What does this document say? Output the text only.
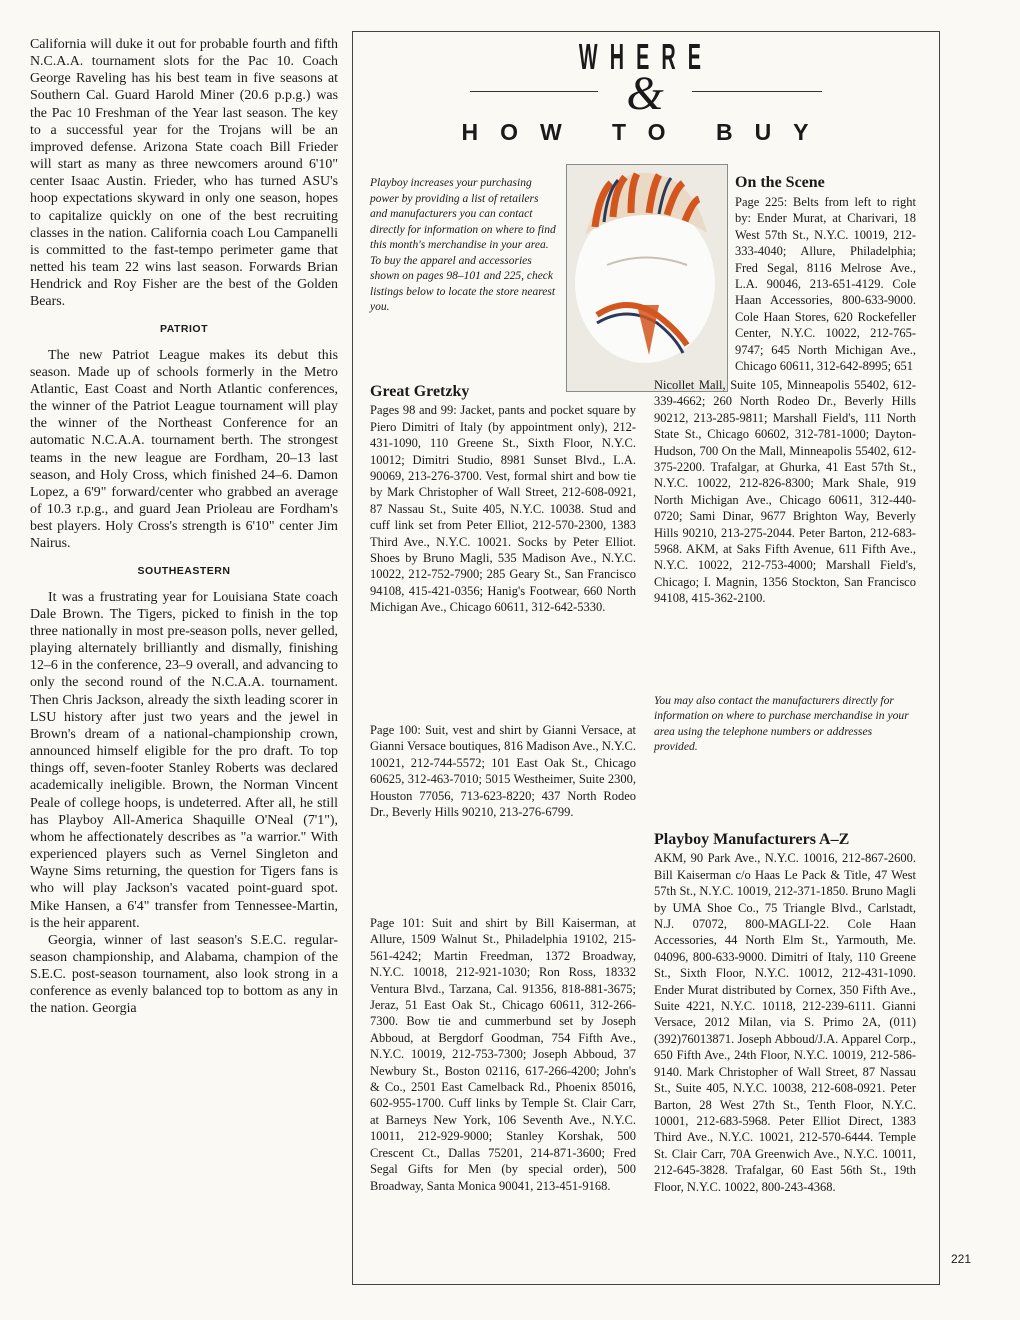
California will duke it out for probable fourth and fifth N.C.A.A. tournament slots for the Pac 10. Coach George Raveling has his best team in five seasons at Southern Cal. Guard Harold Miner (20.6 p.p.g.) was the Pac 10 Freshman of the Year last season. The key to a successful year for the Trojans will be an improved defense. Arizona State coach Bill Frieder will start as many as three newcomers around 6'10" center Isaac Austin. Frieder, who has turned ASU's hoop expectations skyward in only one season, hopes to capitalize quickly on one of the best recruiting classes in the nation. California coach Lou Campanelli is committed to the fast-tempo perimeter game that netted his team 22 wins last season. Forwards Brian Hendrick and Roy Fisher are the best of the Golden Bears.

PATRIOT

The new Patriot League makes its debut this season. Made up of schools formerly in the Metro Atlantic, East Coast and North Atlantic conferences, the winner of the Patriot League tournament will play the winner of the Northeast Conference for an automatic N.C.A.A. tournament berth. The strongest teams in the new league are Fordham, 20–13 last season, and Holy Cross, which finished 24–6. Damon Lopez, a 6'9" forward/center who grabbed an average of 10.3 r.p.g., and guard Jean Prioleau are Fordham's best players. Holy Cross's strength is 6'10" center Jim Nairus.

SOUTHEASTERN

It was a frustrating year for Louisiana State coach Dale Brown. The Tigers, picked to finish in the top three nationally in most pre-season polls, never gelled, playing alternately brilliantly and dismally, finishing 12–6 in the conference, 23–9 overall, and advancing to only the second round of the N.C.A.A. tournament. Then Chris Jackson, already the sixth leading scorer in LSU history after just two years and the jewel in Brown's dream of a national-championship crown, announced himself eligible for the pro draft. To top things off, seven-footer Stanley Roberts was declared academically ineligible. Brown, the Norman Vincent Peale of college hoops, is undeterred. After all, he still has Playboy All-America Shaquille O'Neal (7'1"), whom he affectionately describes as "a warrior." With experienced players such as Vernel Singleton and Wayne Sims returning, the question for Tigers fans is who will play Jackson's vacated point-guard spot. Mike Hansen, a 6'4" transfer from Tennessee-Martin, is the heir apparent.

Georgia, winner of last season's S.E.C. regular-season championship, and Alabama, champion of the S.E.C. post-season tournament, also look strong in a conference as evenly balanced top to bottom as any in the nation. Georgia

WHERE
&
HOW TO BUY
Playboy increases your purchasing power by providing a list of retailers and manufacturers you can contact directly for information on where to find this month's merchandise in your area. To buy the apparel and accessories shown on pages 98–101 and 225, check listings below to locate the store nearest you.
On the Scene

Page 225: Belts from left to right by: Ender Murat, at Charivari, 18 West 57th St., N.Y.C. 10019, 212-333-4040; Allure, Philadelphia; Fred Segal, 8116 Melrose Ave., L.A. 90046, 213-651-4129. Cole Haan Accessories, 800-633-9000. Cole Haan Stores, 620 Rockefeller Center, N.Y.C. 10022, 212-765-9747; 645 North Michigan Ave., Chicago 60611, 312-642-8995; 651

Nicollet Mall, Suite 105, Minneapolis 55402, 612-339-4662; 260 North Rodeo Dr., Beverly Hills 90212, 213-285-9811; Marshall Field's, 111 North State St., Chicago 60602, 312-781-1000; Dayton-Hudson, 700 On the Mall, Minneapolis 55402, 612-375-2200. Trafalgar, at Ghurka, 41 East 57th St., N.Y.C. 10022, 212-826-8300; Mark Shale, 919 North Michigan Ave., Chicago 60611, 312-440-0720; Sami Dinar, 9677 Brighton Way, Beverly Hills 90210, 213-275-2044. Peter Barton, 212-683-5968. AKM, at Saks Fifth Avenue, 611 Fifth Ave., N.Y.C. 10022, 212-753-4000; Marshall Field's, Chicago; I. Magnin, 1356 Stockton, San Francisco 94108, 415-362-2100.
Great Gretzky

Pages 98 and 99: Jacket, pants and pocket square by Piero Dimitri of Italy (by appointment only), 212-431-1090, 110 Greene St., Sixth Floor, N.Y.C. 10012; Dimitri Studio, 8981 Sunset Blvd., L.A. 90069, 213-276-3700. Vest, formal shirt and bow tie by Mark Christopher of Wall Street, 212-608-0921, 87 Nassau St., Suite 405, N.Y.C. 10038. Stud and cuff link set from Peter Elliot, 212-570-2300, 1383 Third Ave., N.Y.C. 10021. Socks by Peter Elliot. Shoes by Bruno Magli, 535 Madison Ave., N.Y.C. 10022, 212-752-7900; 285 Geary St., San Francisco 94108, 415-421-0356; Hanig's Footwear, 660 North Michigan Ave., Chicago 60611, 312-642-5330.

You may also contact the manufacturers directly for information on where to purchase merchandise in your area using the telephone numbers or addresses provided.
Page 100: Suit, vest and shirt by Gianni Versace, at Gianni Versace boutiques, 816 Madison Ave., N.Y.C. 10021, 212-744-5572; 101 East Oak St., Chicago 60625, 312-463-7010; 5015 Westheimer, Suite 2300, Houston 77056, 713-623-8220; 437 North Rodeo Dr., Beverly Hills 90210, 213-276-6799.
Playboy Manufacturers A–Z

AKM, 90 Park Ave., N.Y.C. 10016, 212-867-2600. Bill Kaiserman c/o Haas Le Pack & Title, 47 West 57th St., N.Y.C. 10019, 212-371-1850. Bruno Magli by UMA Shoe Co., 75 Triangle Blvd., Carlstadt, N.J. 07072, 800-MAGLI-22. Cole Haan Accessories, 44 North Elm St., Yarmouth, Me. 04096, 800-633-9000. Dimitri of Italy, 110 Greene St., Sixth Floor, N.Y.C. 10012, 212-431-1090. Ender Murat distributed by Cornex, 350 Fifth Ave., Suite 4221, N.Y.C. 10118, 212-239-6111. Gianni Versace, 2012 Milan, via S. Primo 2A, (011)(392)76013871. Joseph Abboud/J.A. Apparel Corp., 650 Fifth Ave., 24th Floor, N.Y.C. 10019, 212-586-9140. Mark Christopher of Wall Street, 87 Nassau St., Suite 405, N.Y.C. 10038, 212-608-0921. Peter Barton, 28 West 27th St., Tenth Floor, N.Y.C. 10001, 212-683-5968. Peter Elliot Direct, 1383 Third Ave., N.Y.C. 10021, 212-570-6444. Temple St. Clair Carr, 70A Greenwich Ave., N.Y.C. 10011, 212-645-3828. Trafalgar, 60 East 56th St., 19th Floor, N.Y.C. 10022, 800-243-4368.

Page 101: Suit and shirt by Bill Kaiserman, at Allure, 1509 Walnut St., Philadelphia 19102, 215-561-4242; Martin Freedman, 1372 Broadway, N.Y.C. 10018, 212-921-1030; Ron Ross, 18332 Ventura Blvd., Tarzana, Cal. 91356, 818-881-3675; Jeraz, 51 East Oak St., Chicago 60611, 312-266-7300. Bow tie and cummerbund set by Joseph Abboud, at Bergdorf Goodman, 754 Fifth Ave., N.Y.C. 10019, 212-753-7300; Joseph Abboud, 37 Newbury St., Boston 02116, 617-266-4200; John's & Co., 2501 East Camelback Rd., Phoenix 85016, 602-955-1700. Cuff links by Temple St. Clair Carr, at Barneys New York, 106 Seventh Ave., N.Y.C. 10011, 212-929-9000; Stanley Korshak, 500 Crescent Ct., Dallas 75201, 214-871-3600; Fred Segal Gifts for Men (by special order), 500 Broadway, Santa Monica 90041, 213-451-9168.
221
